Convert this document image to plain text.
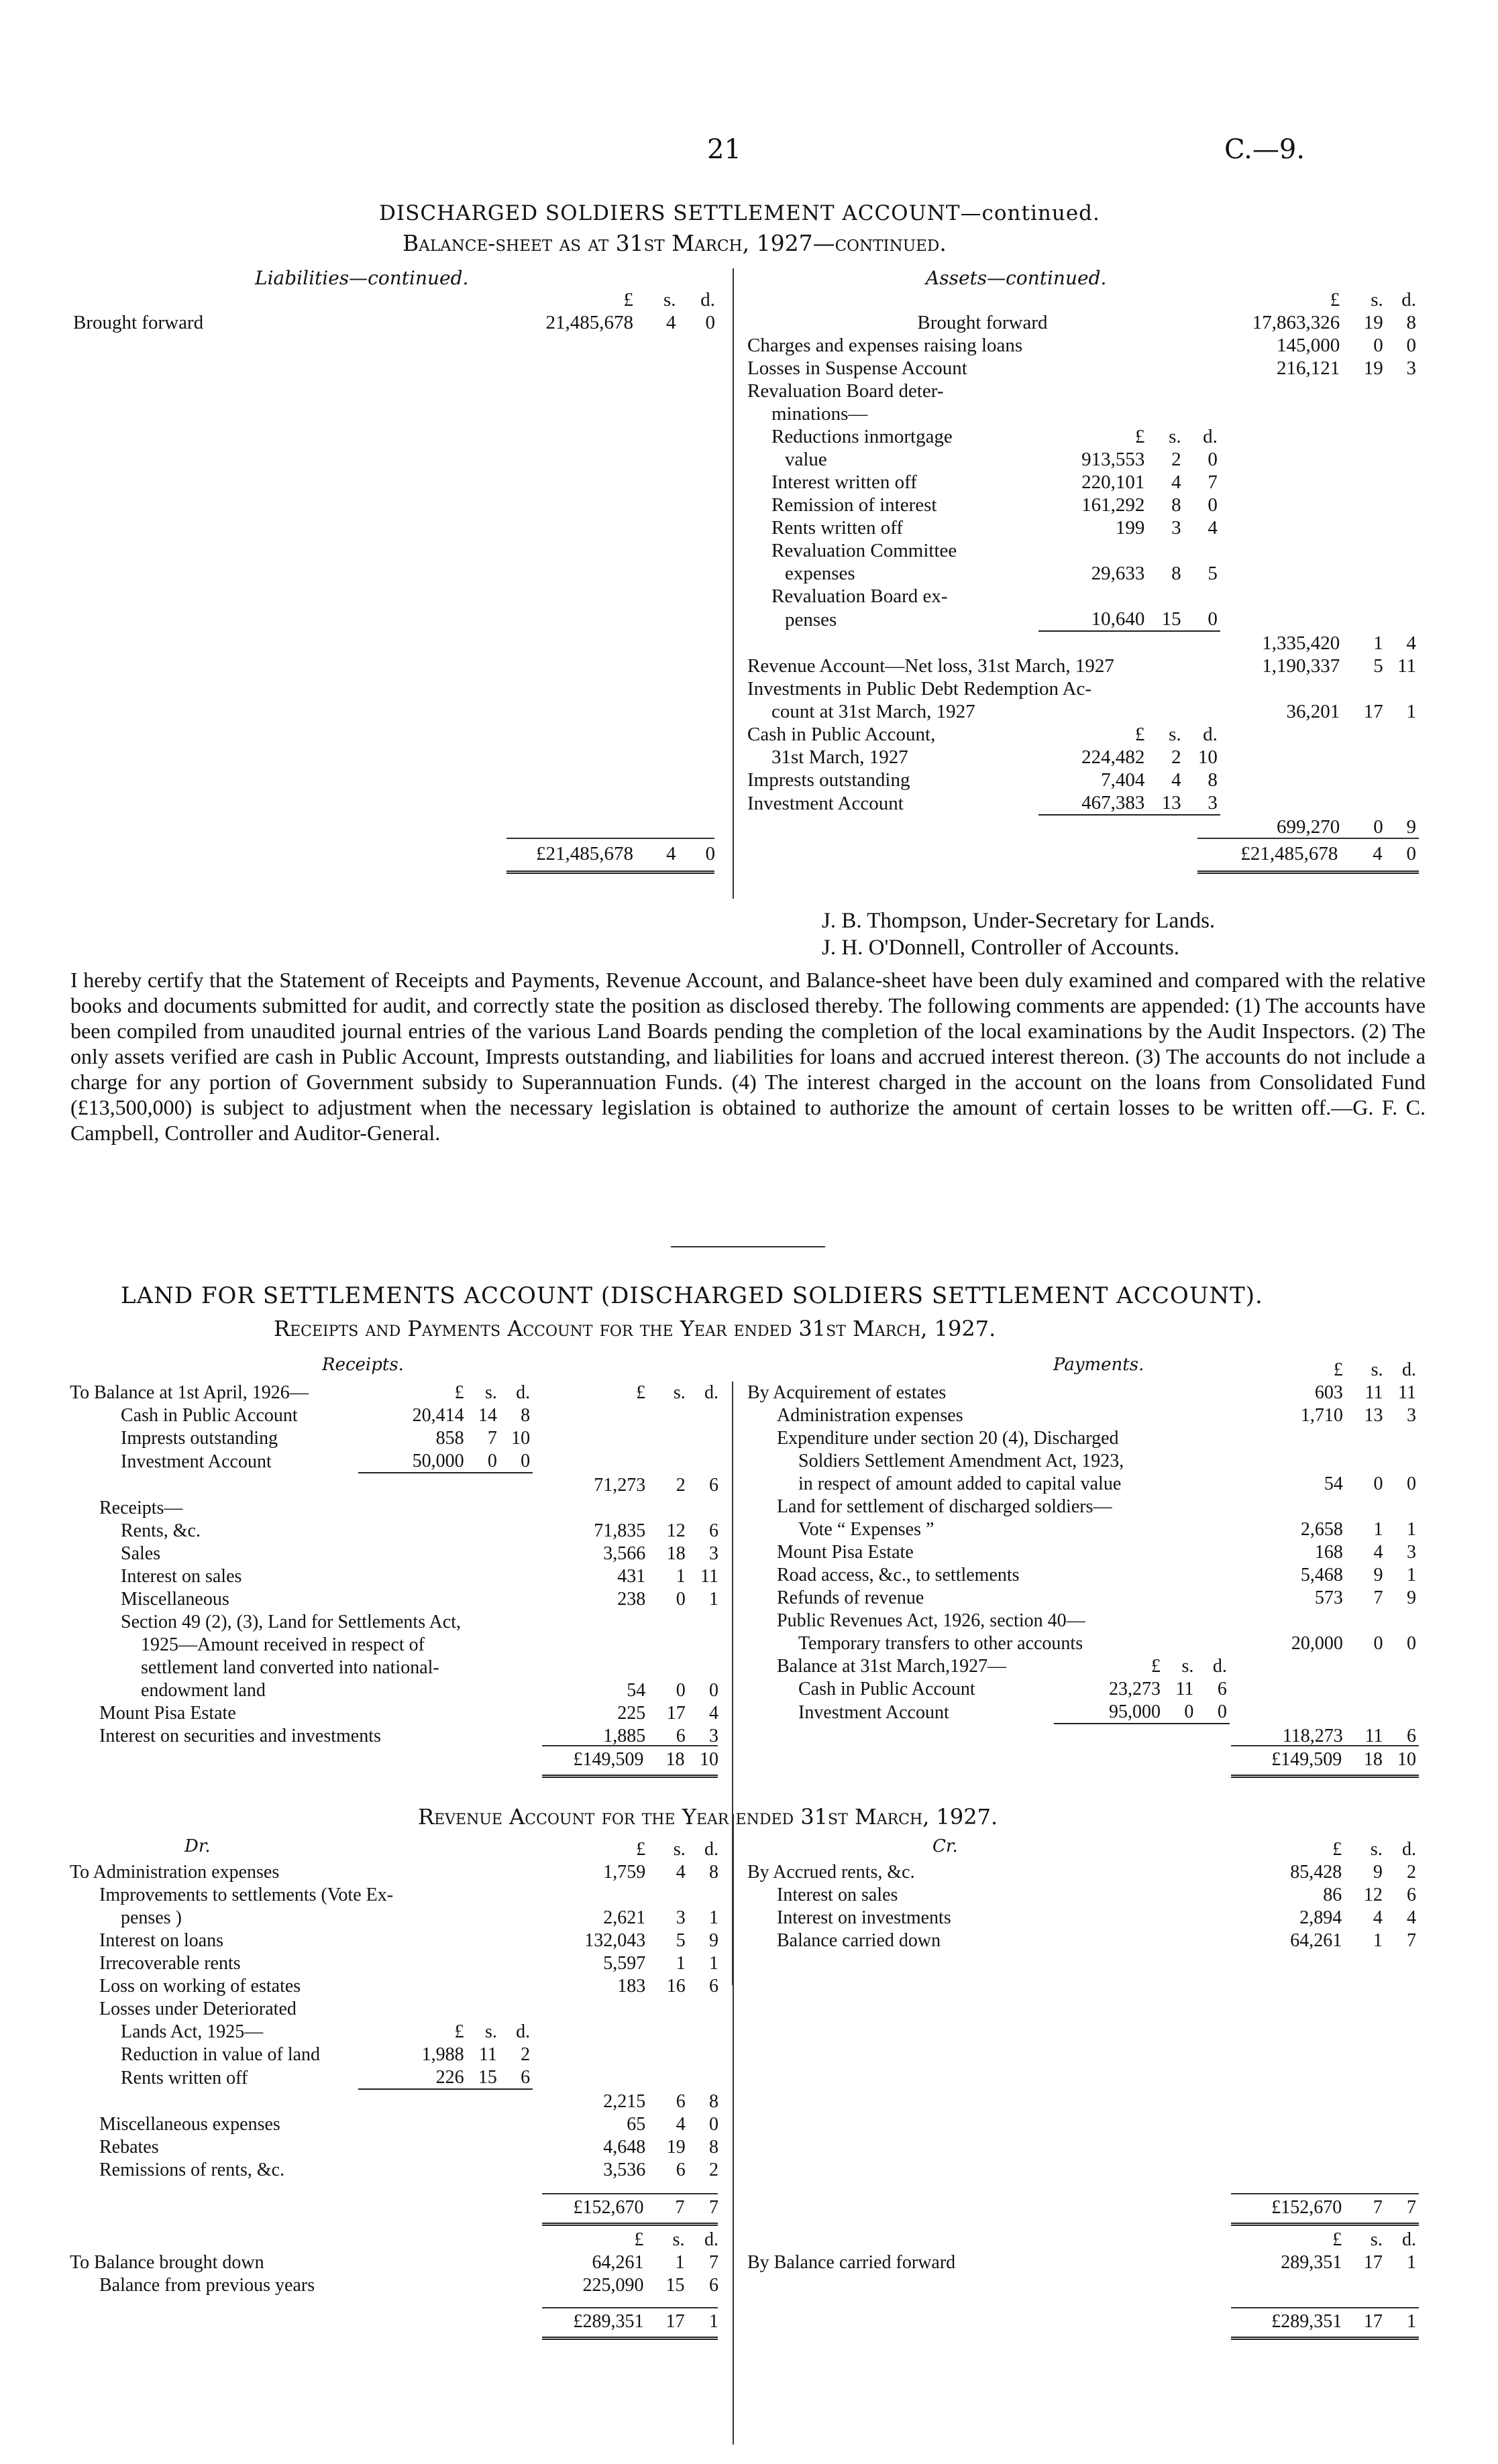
21	C.—9.
DISCHARGED SOLDIERS SETTLEMENT ACCOUNT—continued.
Balance-sheet as at 31st March, 1927—continued.
Liabilities—continued.	Assets—continued.
	£	s.	d.
Brought forward	21,485,678	4	0
	£21,485,678	4	0
				£	s.	d.
Brought forward				17,863,326	19	8
Charges and expenses raising loans				145,000	0	0
Losses in Suspense Account				216,121	19	3
Revaluation Board deter-						
minations—						
Reductions inmortgage	£	s.	d.			
value	913,553	2	0			
Interest written off	220,101	4	7			
Remission of interest	161,292	8	0			
Rents written off	199	3	4			
Revaluation Committee						
expenses	29,633	8	5			
Revaluation Board ex-						
penses	10,640	15	0			
				1,335,420	1	4
Revenue Account—Net loss, 31st March, 1927				1,190,337	5	11
Investments in Public Debt Redemption Ac-						
count at 31st March, 1927				36,201	17	1
Cash in Public Account,	£	s.	d.			
31st March, 1927	224,482	2	10			
Imprests outstanding	7,404	4	8			
Investment Account	467,383	13	3			
				699,270	0	9
	£21,485,678	4	0
J. B. Thompson, Under-Secretary for Lands.
J. H. O'Donnell, Controller of Accounts.
I hereby certify that the Statement of Receipts and Payments, Revenue Account, and Balance-sheet have been duly examined and compared with the relative books and documents submitted for audit, and correctly state the position as disclosed thereby. The following comments are appended: (1) The accounts have been compiled from unaudited journal entries of the various Land Boards pending the completion of the local examinations by the Audit Inspectors. (2) The only assets verified are cash in Public Account, Imprests outstanding, and liabilities for loans and accrued interest thereon. (3) The accounts do not include a charge for any portion of Government subsidy to Superannuation Funds. (4) The interest charged in the account on the loans from Consolidated Fund (£13,500,000) is subject to adjustment when the necessary legislation is obtained to authorize the amount of certain losses to be written off.—G. F. C. Campbell, Controller and Auditor-General.
LAND FOR SETTLEMENTS ACCOUNT (DISCHARGED SOLDIERS SETTLEMENT ACCOUNT).
Receipts and Payments Account for the Year ended 31st March, 1927.
Receipts.	Payments.

To Balance at 1st April, 1926—	£	s.	d.	£	s.	d.
Cash in Public Account	20,414	14	8			
Imprests outstanding	858	7	10			
Investment Account	50,000	0	0			
				71,273	2	6
Receipts—						
Rents, &c.				71,835	12	6
Sales				3,566	18	3
Interest on sales				431	1	11
Miscellaneous				238	0	1
Section 49 (2), (3), Land for Settlements Act,						
1925—Amount received in respect of						
settlement land converted into national-						
endowment land				54	0	0
Mount Pisa Estate				225	17	4
Interest on securities and investments				1,885	6	3
	£149,509	18	10
				£	s.	d.
By Acquirement of estates				603	11	11
Administration expenses				1,710	13	3
Expenditure under section 20 (4), Discharged						
Soldiers Settlement Amendment Act, 1923,						
in respect of amount added to capital value				54	0	0
Land for settlement of discharged soldiers—						
Vote “ Expenses ”				2,658	1	1
Mount Pisa Estate				168	4	3
Road access, &c., to settlements				5,468	9	1
Refunds of revenue				573	7	9
Public Revenues Act, 1926, section 40—						
Temporary transfers to other accounts				20,000	0	0
Balance at 31st March,1927—	£	s.	d.			
Cash in Public Account	23,273	11	6			
Investment Account	95,000	0	0			
				118,273	11	6
	£149,509	18	10
Revenue Account for the Year ended 31st March, 1927.
Dr.	Cr.
				£	s.	d.
To Administration expenses				1,759	4	8
Improvements to settlements (Vote Ex-						
penses )				2,621	3	1
Interest on loans				132,043	5	9
Irrecoverable rents				5,597	1	1
Loss on working of estates				183	16	6
Losses under Deteriorated						
Lands Act, 1925—	£	s.	d.			
Reduction in value of land	1,988	11	2			
Rents written off	226	15	6			
				2,215	6	8
Miscellaneous expenses				65	4	0
Rebates				4,648	19	8
Remissions of rents, &c.				3,536	6	2
	£152,670	7	7
	£	s.	d.
To Balance brought down	64,261	1	7
Balance from previous years	225,090	15	6
	£289,351	17	1
	£	s.	d.
By Accrued rents, &c.	85,428	9	2
Interest on sales	86	12	6
Interest on investments	2,894	4	4
Balance carried down	64,261	1	7
	£152,670	7	7
	£	s.	d.
By Balance carried forward	289,351	17	1
	£289,351	17	1
